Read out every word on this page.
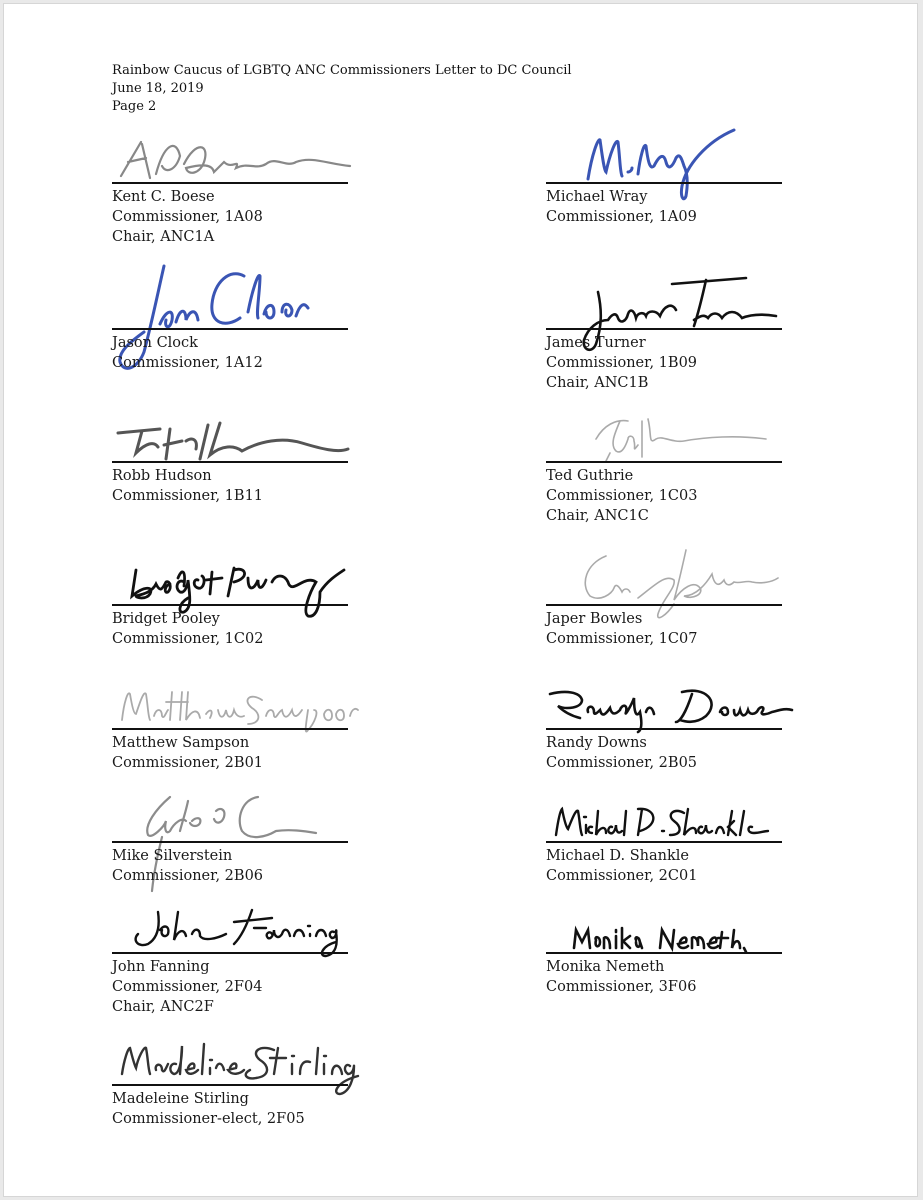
Rainbow Caucus of LGBTQ ANC Commissioners Letter to DC Council
June 18, 2019
Page 2
Kent C. Boese
Commissioner, 1A08
Chair, ANC1A
Michael Wray
Commissioner, 1A09
Jason Clock
Commissioner, 1A12
James Turner
Commissioner, 1B09
Chair, ANC1B
Robb Hudson
Commissioner, 1B11
Ted Guthrie
Commissioner, 1C03
Chair, ANC1C
Bridget Pooley
Commissioner, 1C02
Japer Bowles
Commissioner, 1C07
Matthew Sampson
Commissioner, 2B01
Randy Downs
Commissioner, 2B05
Mike Silverstein
Commissioner, 2B06
Michael D. Shankle
Commissioner, 2C01
John Fanning
Commissioner, 2F04
Chair, ANC2F
Monika Nemeth
Commissioner, 3F06
Madeleine Stirling
Commissioner-elect, 2F05
